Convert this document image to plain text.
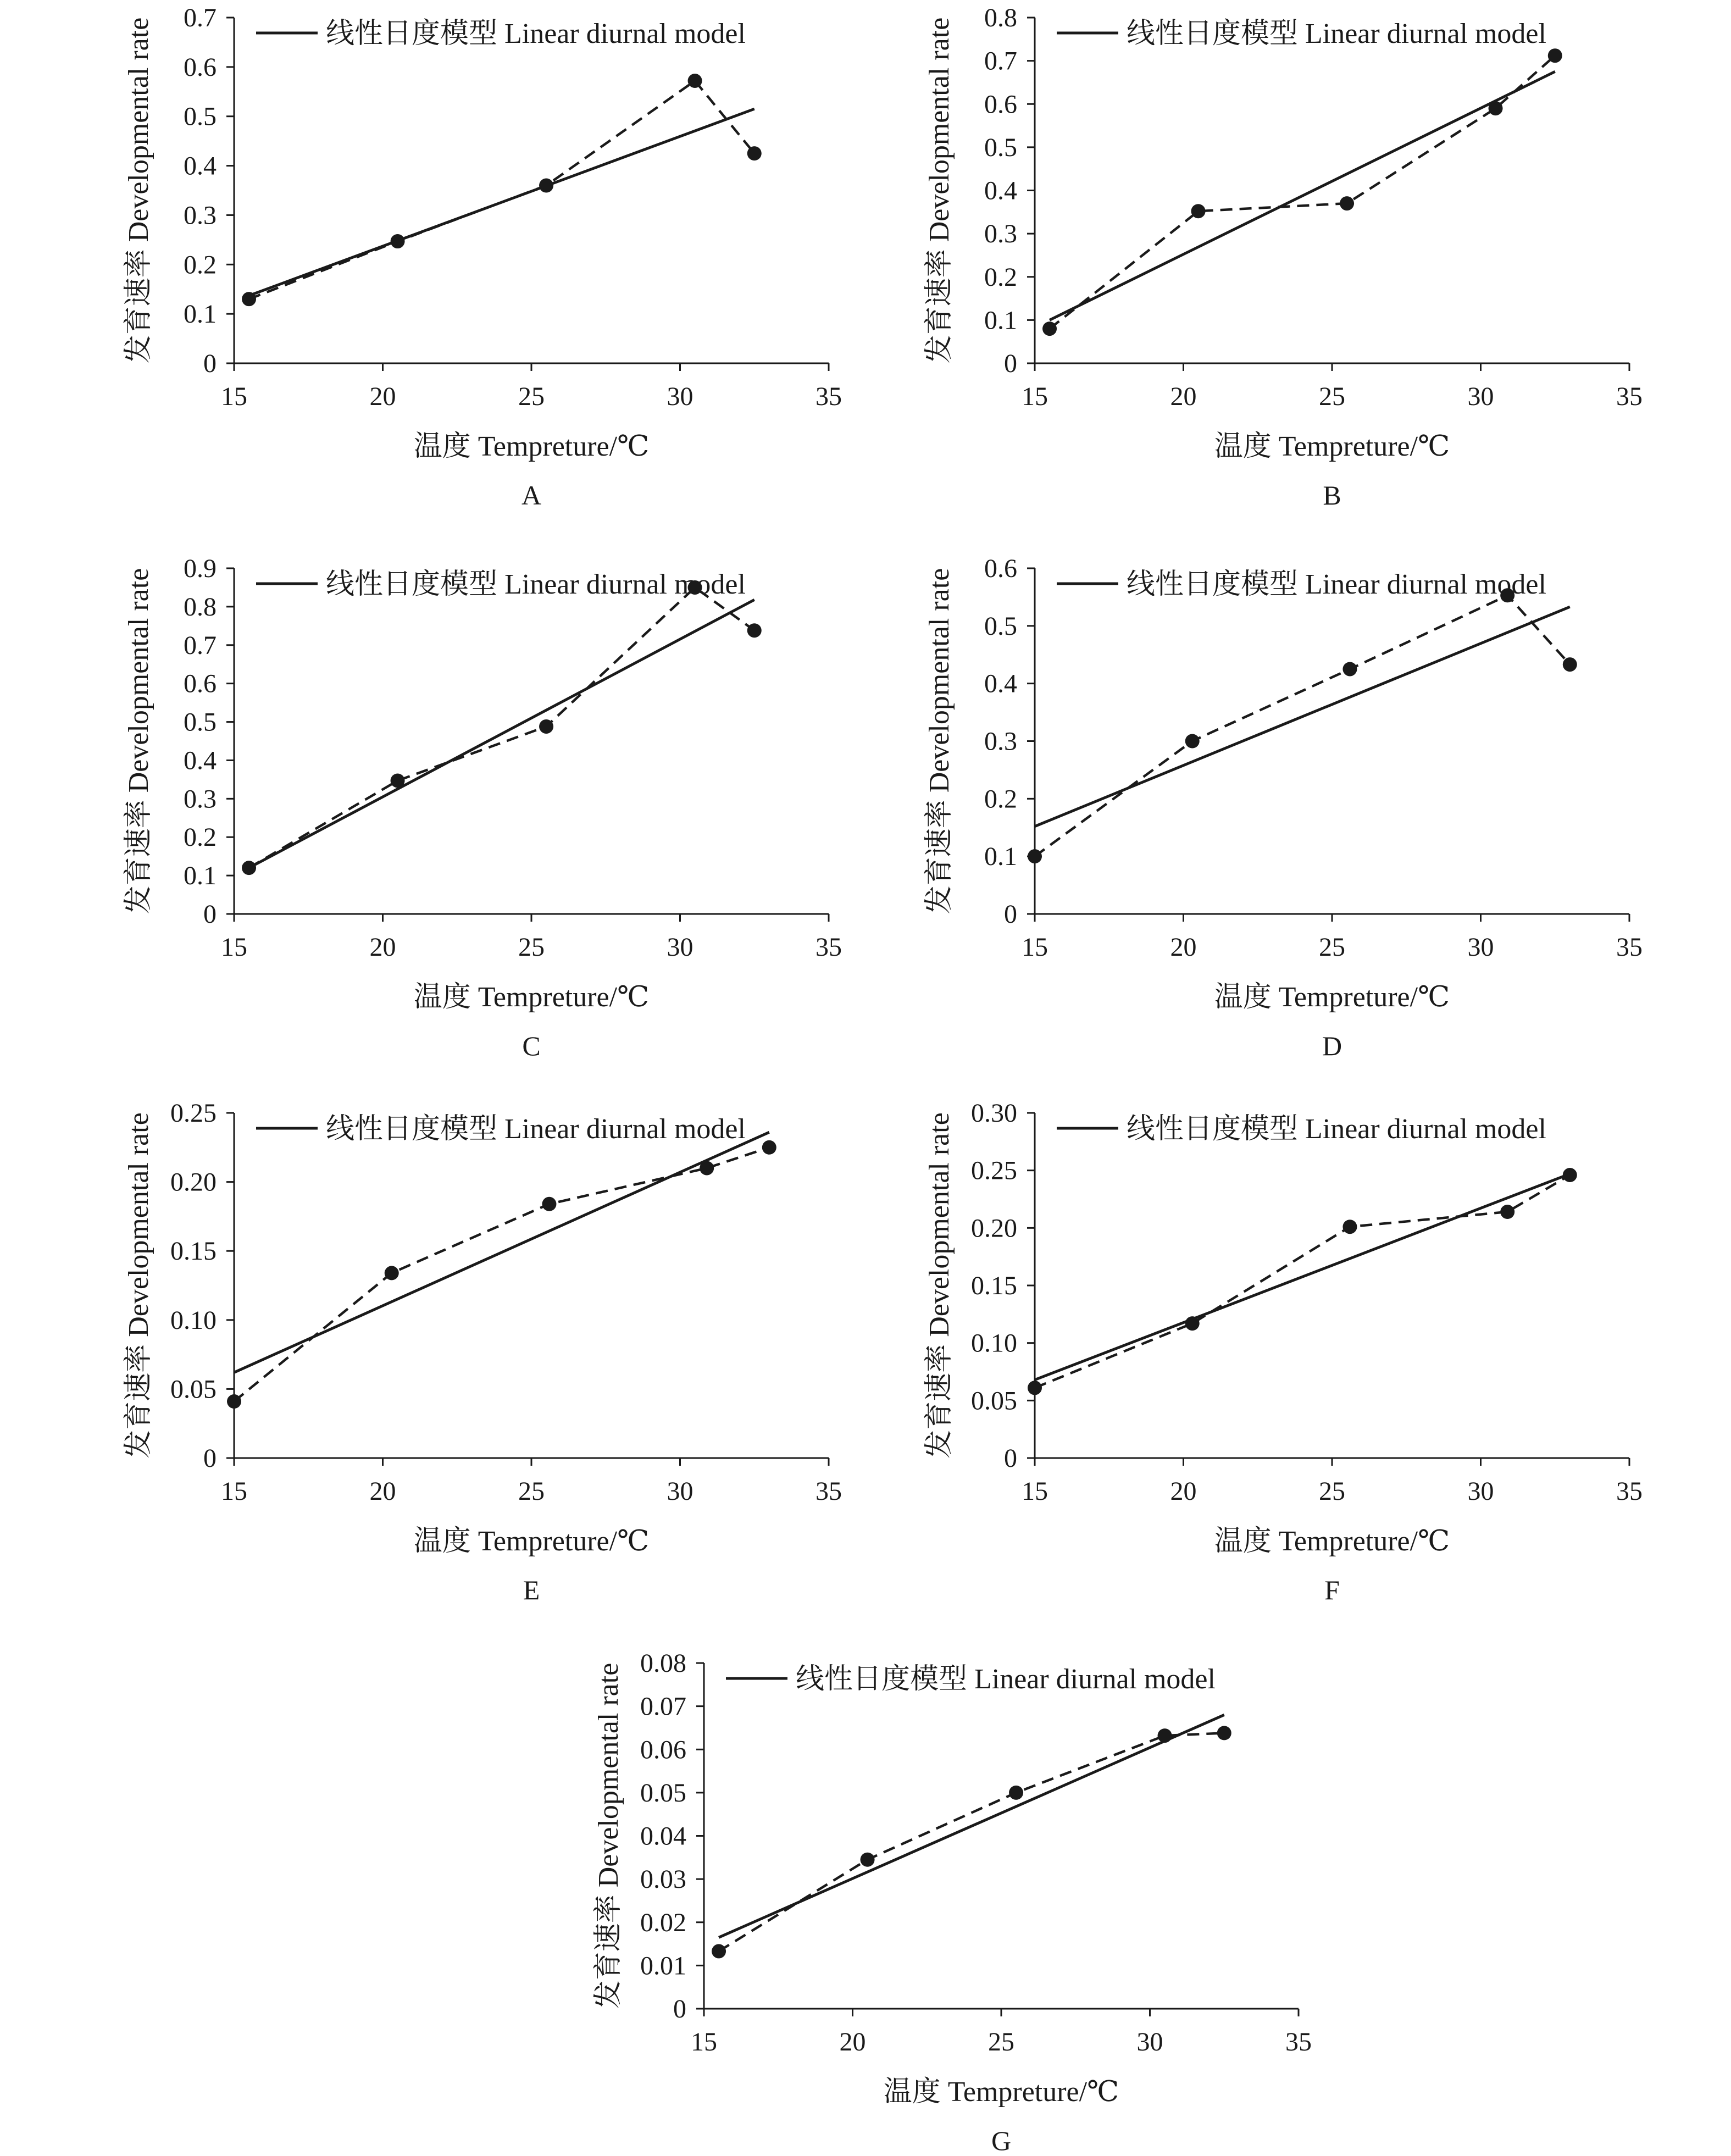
0
0.1
0.2
0.3
0.4
0.5
0.6
0.7
15	20	25	30	35
线性日度模型 Linear diurnal model
温度 Tempreture/℃
发育速率 Developmental rate
A
0
0.1
0.2
0.3
0.4
0.5
0.6
0.7
0.8
15	20	25	30	35
线性日度模型 Linear diurnal model
温度 Tempreture/℃
发育速率 Developmental rate
B
0
0.1
0.2
0.3
0.4
0.5
0.6
0.7
0.8
0.9
15	20	25	30	35
线性日度模型 Linear diurnal model
温度 Tempreture/℃
发育速率 Developmental rate
C
0
0.1
0.2
0.3
0.4
0.5
0.6
15	20	25	30	35
线性日度模型 Linear diurnal model
温度 Tempreture/℃
发育速率 Developmental rate
D
0
0.05
0.10
0.15
0.20
0.25
15	20	25	30	35
线性日度模型 Linear diurnal model
温度 Tempreture/℃
发育速率 Developmental rate
E
0
0.05
0.10
0.15
0.20
0.25
0.30
15	20	25	30	35
线性日度模型 Linear diurnal model
温度 Tempreture/℃
发育速率 Developmental rate
F
0
0.01
0.02
0.03
0.04
0.05
0.06
0.07
0.08
15	20	25	30	35
线性日度模型 Linear diurnal model
温度 Tempreture/℃
发育速率 Developmental rate
G
